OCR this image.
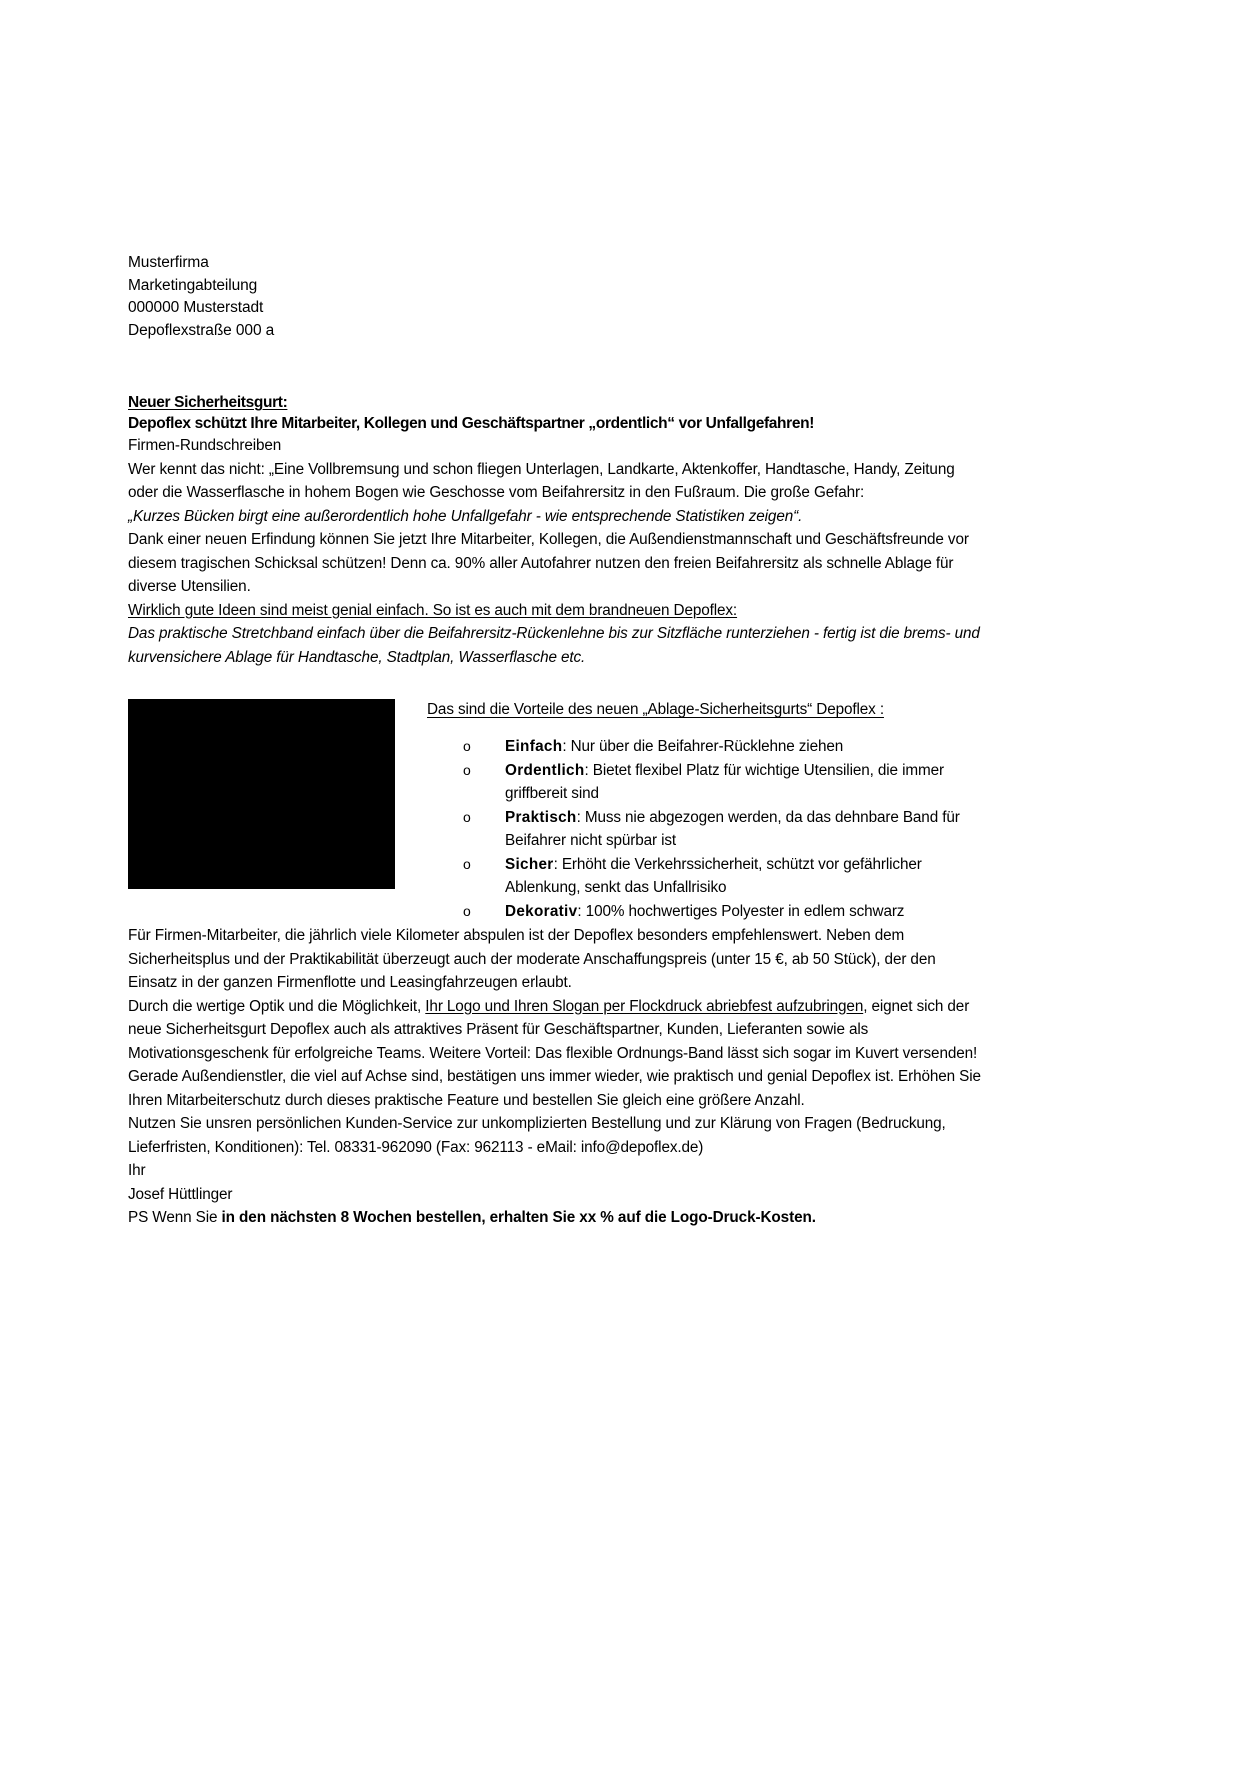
Musterfirma
Marketingabteilung
000000 Musterstadt
Depoflexstraße 000 a
Neuer Sicherheitsgurt:
Depoflex schützt Ihre Mitarbeiter, Kollegen und Geschäftspartner „ordentlich“ vor Unfallgefahren!

Firmen-Rundschreiben

Wer kennt das nicht: „Eine Vollbremsung und schon fliegen Unterlagen, Landkarte, Aktenkoffer, Handtasche, Handy, Zeitung oder die Wasserflasche in hohem Bogen wie Geschosse vom Beifahrersitz in den Fußraum. Die große Gefahr:

„Kurzes Bücken birgt eine außerordentlich hohe Unfallgefahr - wie entsprechende Statistiken zeigen“.

Dank einer neuen Erfindung können Sie jetzt Ihre Mitarbeiter, Kollegen, die Außendienstmannschaft und Geschäftsfreunde vor diesem tragischen Schicksal schützen! Denn ca. 90% aller Autofahrer nutzen den freien Beifahrersitz als schnelle Ablage für diverse Utensilien.

Wirklich gute Ideen sind meist genial einfach. So ist es auch mit dem brandneuen Depoflex:

Das praktische Stretchband einfach über die Beifahrersitz-Rückenlehne bis zur Sitzfläche runterziehen - fertig ist die brems- und kurvensichere Ablage für Handtasche, Stadtplan, Wasserflasche etc.

Das sind die Vorteile des neuen „Ablage-Sicherheitsgurts“ Depoflex :
o Einfach: Nur über die Beifahrer-Rücklehne ziehen
o Ordentlich: Bietet flexibel Platz für wichtige Utensilien, die immer griffbereit sind
o Praktisch: Muss nie abgezogen werden, da das dehnbare Band für Beifahrer nicht spürbar ist
o Sicher: Erhöht die Verkehrssicherheit, schützt vor gefährlicher Ablenkung, senkt das Unfallrisiko
o Dekorativ: 100% hochwertiges Polyester in edlem schwarz

Für Firmen-Mitarbeiter, die jährlich viele Kilometer abspulen ist der Depoflex besonders empfehlenswert. Neben dem Sicherheitsplus und der Praktikabilität überzeugt auch der moderate Anschaffungspreis (unter 15 €, ab 50 Stück), der den Einsatz in der ganzen Firmenflotte und Leasingfahrzeugen erlaubt.

Durch die wertige Optik und die Möglichkeit, Ihr Logo und Ihren Slogan per Flockdruck abriebfest aufzubringen, eignet sich der neue Sicherheitsgurt Depoflex auch als attraktives Präsent für Geschäftspartner, Kunden, Lieferanten sowie als Motivationsgeschenk für erfolgreiche Teams. Weitere Vorteil: Das flexible Ordnungs-Band lässt sich sogar im Kuvert versenden!

Gerade Außendienstler, die viel auf Achse sind, bestätigen uns immer wieder, wie praktisch und genial Depoflex ist. Erhöhen Sie Ihren Mitarbeiterschutz durch dieses praktische Feature und bestellen Sie gleich eine größere Anzahl.

Nutzen Sie unsren persönlichen Kunden-Service zur unkomplizierten Bestellung und zur Klärung von Fragen (Bedruckung, Lieferfristen, Konditionen): Tel. 08331-962090 (Fax: 962113 - eMail: info@depoflex.de)

Ihr

Josef Hüttlinger

PS Wenn Sie in den nächsten 8 Wochen bestellen, erhalten Sie xx % auf die Logo-Druck-Kosten.
